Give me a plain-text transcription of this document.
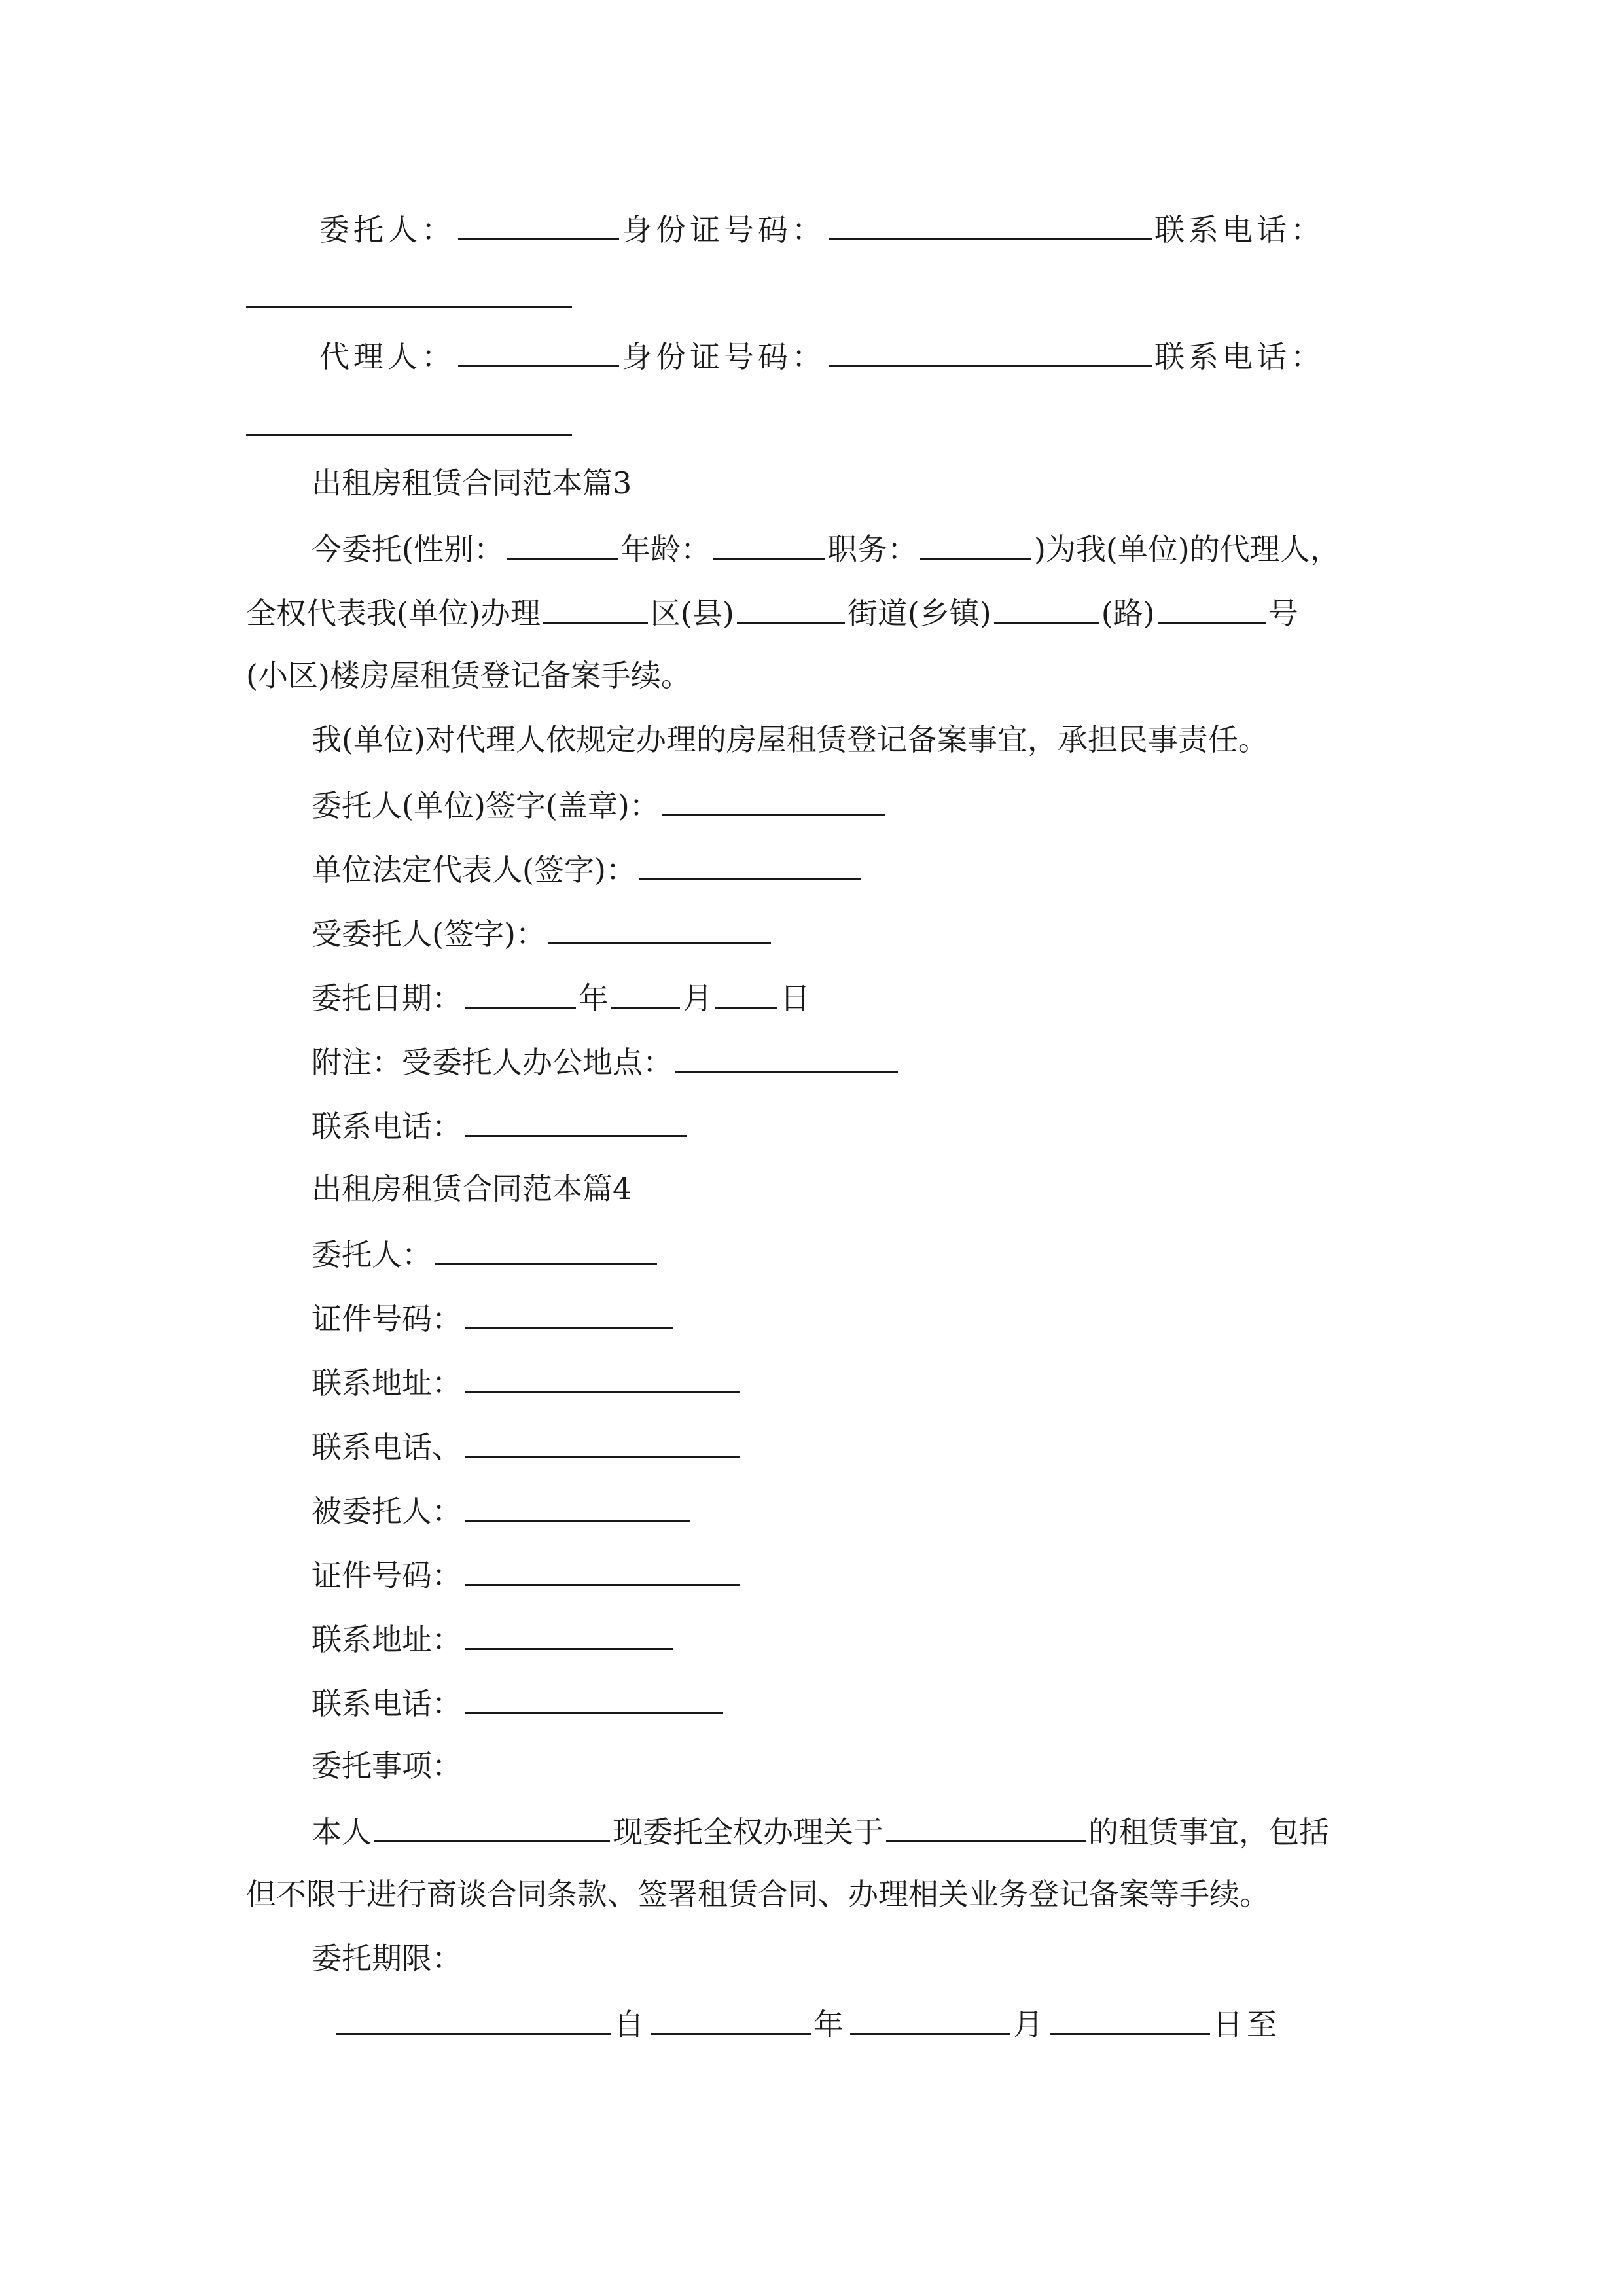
委托人：	身份证号码：	联系电话：
代理人：	身份证号码：	联系电话：
出租房租赁合同范本篇3
今委托(性别：	年龄：	职务：	)为我(单位)的代理人，
全权代表我(单位)办理	区(县)	街道(乡镇)	(路)	号
(小区)楼房屋租赁登记备案手续。
我(单位)对代理人依规定办理的房屋租赁登记备案事宜，承担民事责任。
委托人(单位)签字(盖章)：
单位法定代表人(签字)：
受委托人(签字)：
委托日期：	年 月 日
附注：受委托人办公地点：
联系电话：
出租房租赁合同范本篇4
委托人：
证件号码：
联系地址：
联系电话、
被委托人：
证件号码：
联系地址：
联系电话：
委托事项：
本人	现委托全权办理关于	的租赁事宜，包括
但不限于进行商谈合同条款、签署租赁合同、办理相关业务登记备案等手续。
委托期限：
自	年	月	日至
